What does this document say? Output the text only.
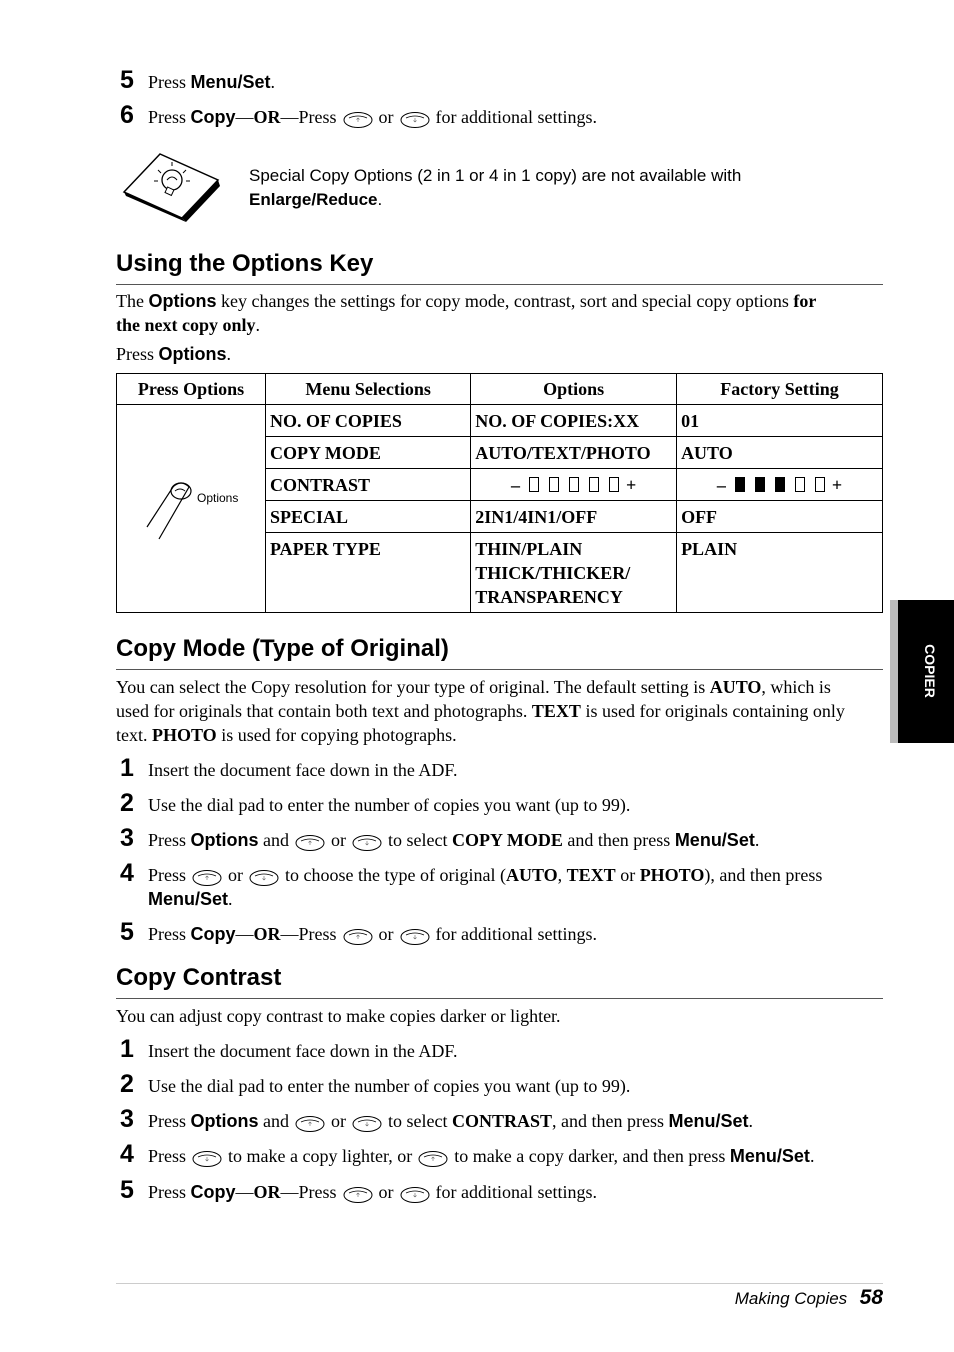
5 Press Menu/Set.
6 Press Copy—OR—Press or for additional settings.
Special Copy Options (2 in 1 or 4 in 1 copy) are not available with
Enlarge/Reduce.
Using the Options Key
The Options key changes the settings for copy mode, contrast, sort and special copy options for
the next copy only.
Press Options.
Press Options	Menu Selections	Options	Factory Setting

Options	NO. OF COPIES	NO. OF COPIES:XX	01
	COPY MODE	AUTO/TEXT/PHOTO	AUTO
	CONTRAST	– +	– +
	SPECIAL	2IN1/4IN1/OFF	OFF
	PAPER TYPE	THIN/PLAIN
THICK/THICKER/
TRANSPARENCY	PLAIN
Copy Mode (Type of Original)
You can select the Copy resolution for your type of original. The default setting is AUTO, which is
used for originals that contain both text and photographs. TEXT is used for originals containing only
text. PHOTO is used for copying photographs.
1 Insert the document face down in the ADF.
2 Use the dial pad to enter the number of copies you want (up to 99).
3 Press Options and or to select COPY MODE and then press Menu/Set.
4 Press or to choose the type of original (AUTO, TEXT or PHOTO), and then press
Menu/Set.
5 Press Copy—OR—Press or for additional settings.
Copy Contrast
You can adjust copy contrast to make copies darker or lighter.
1 Insert the document face down in the ADF.
2 Use the dial pad to enter the number of copies you want (up to 99).
3 Press Options and or to select CONTRAST, and then press Menu/Set.
4 Press to make a copy lighter, or to make a copy darker, and then press Menu/Set.
5 Press Copy—OR—Press or for additional settings.
COPIER
Making Copies 58
